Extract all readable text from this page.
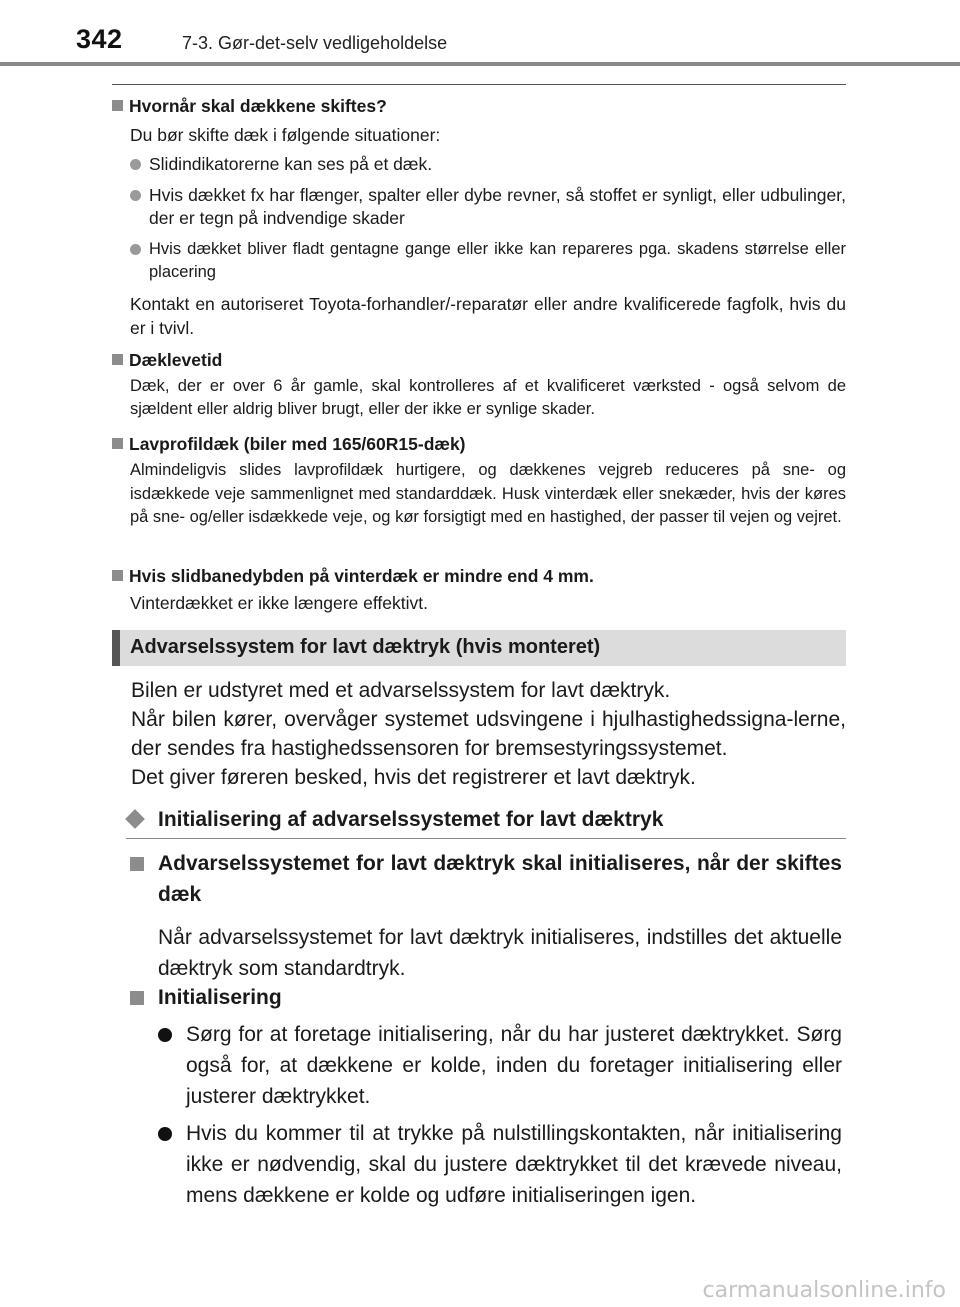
342	7-3. Gør-det-selv vedligeholdelse
Hvornår skal dækkene skiftes?
Du bør skifte dæk i følgende situationer:
Slidindikatorerne kan ses på et dæk.
Hvis dækket fx har flænger, spalter eller dybe revner, så stoffet er synligt, eller udbulinger, der er tegn på indvendige skader
Hvis dækket bliver fladt gentagne gange eller ikke kan repareres pga. skadens størrelse eller placering
Kontakt en autoriseret Toyota-forhandler/-reparatør eller andre kvalificerede fagfolk, hvis du er i tvivl.
Dæklevetid
Dæk, der er over 6 år gamle, skal kontrolleres af et kvalificeret værksted - også selvom de sjældent eller aldrig bliver brugt, eller der ikke er synlige skader.
Lavprofildæk (biler med 165/60R15-dæk)
Almindeligvis slides lavprofildæk hurtigere, og dækkenes vejgreb reduceres på sne- og isdækkede veje sammenlignet med standarddæk. Husk vinterdæk eller snekæder, hvis der køres på sne- og/eller isdækkede veje, og kør forsigtigt med en hastighed, der passer til vejen og vejret.
Hvis slidbanedybden på vinterdæk er mindre end 4 mm.
Vinterdækket er ikke længere effektivt.
Advarselssystem for lavt dæktryk (hvis monteret)
Bilen er udstyret med et advarselssystem for lavt dæktryk.
Når bilen kører, overvåger systemet udsvingene i hjulhastighedssigna-lerne, der sendes fra hastighedssensoren for bremsestyringssystemet.
Det giver føreren besked, hvis det registrerer et lavt dæktryk.
Initialisering af advarselssystemet for lavt dæktryk
Advarselssystemet for lavt dæktryk skal initialiseres, når der skiftes dæk
Når advarselssystemet for lavt dæktryk initialiseres, indstilles det aktuelle dæktryk som standardtryk.
Initialisering
Sørg for at foretage initialisering, når du har justeret dæktrykket. Sørg også for, at dækkene er kolde, inden du foretager initialisering eller justerer dæktrykket.
Hvis du kommer til at trykke på nulstillingskontakten, når initialisering ikke er nødvendig, skal du justere dæktrykket til det krævede niveau, mens dækkene er kolde og udføre initialiseringen igen.
carmanualsonline.info
